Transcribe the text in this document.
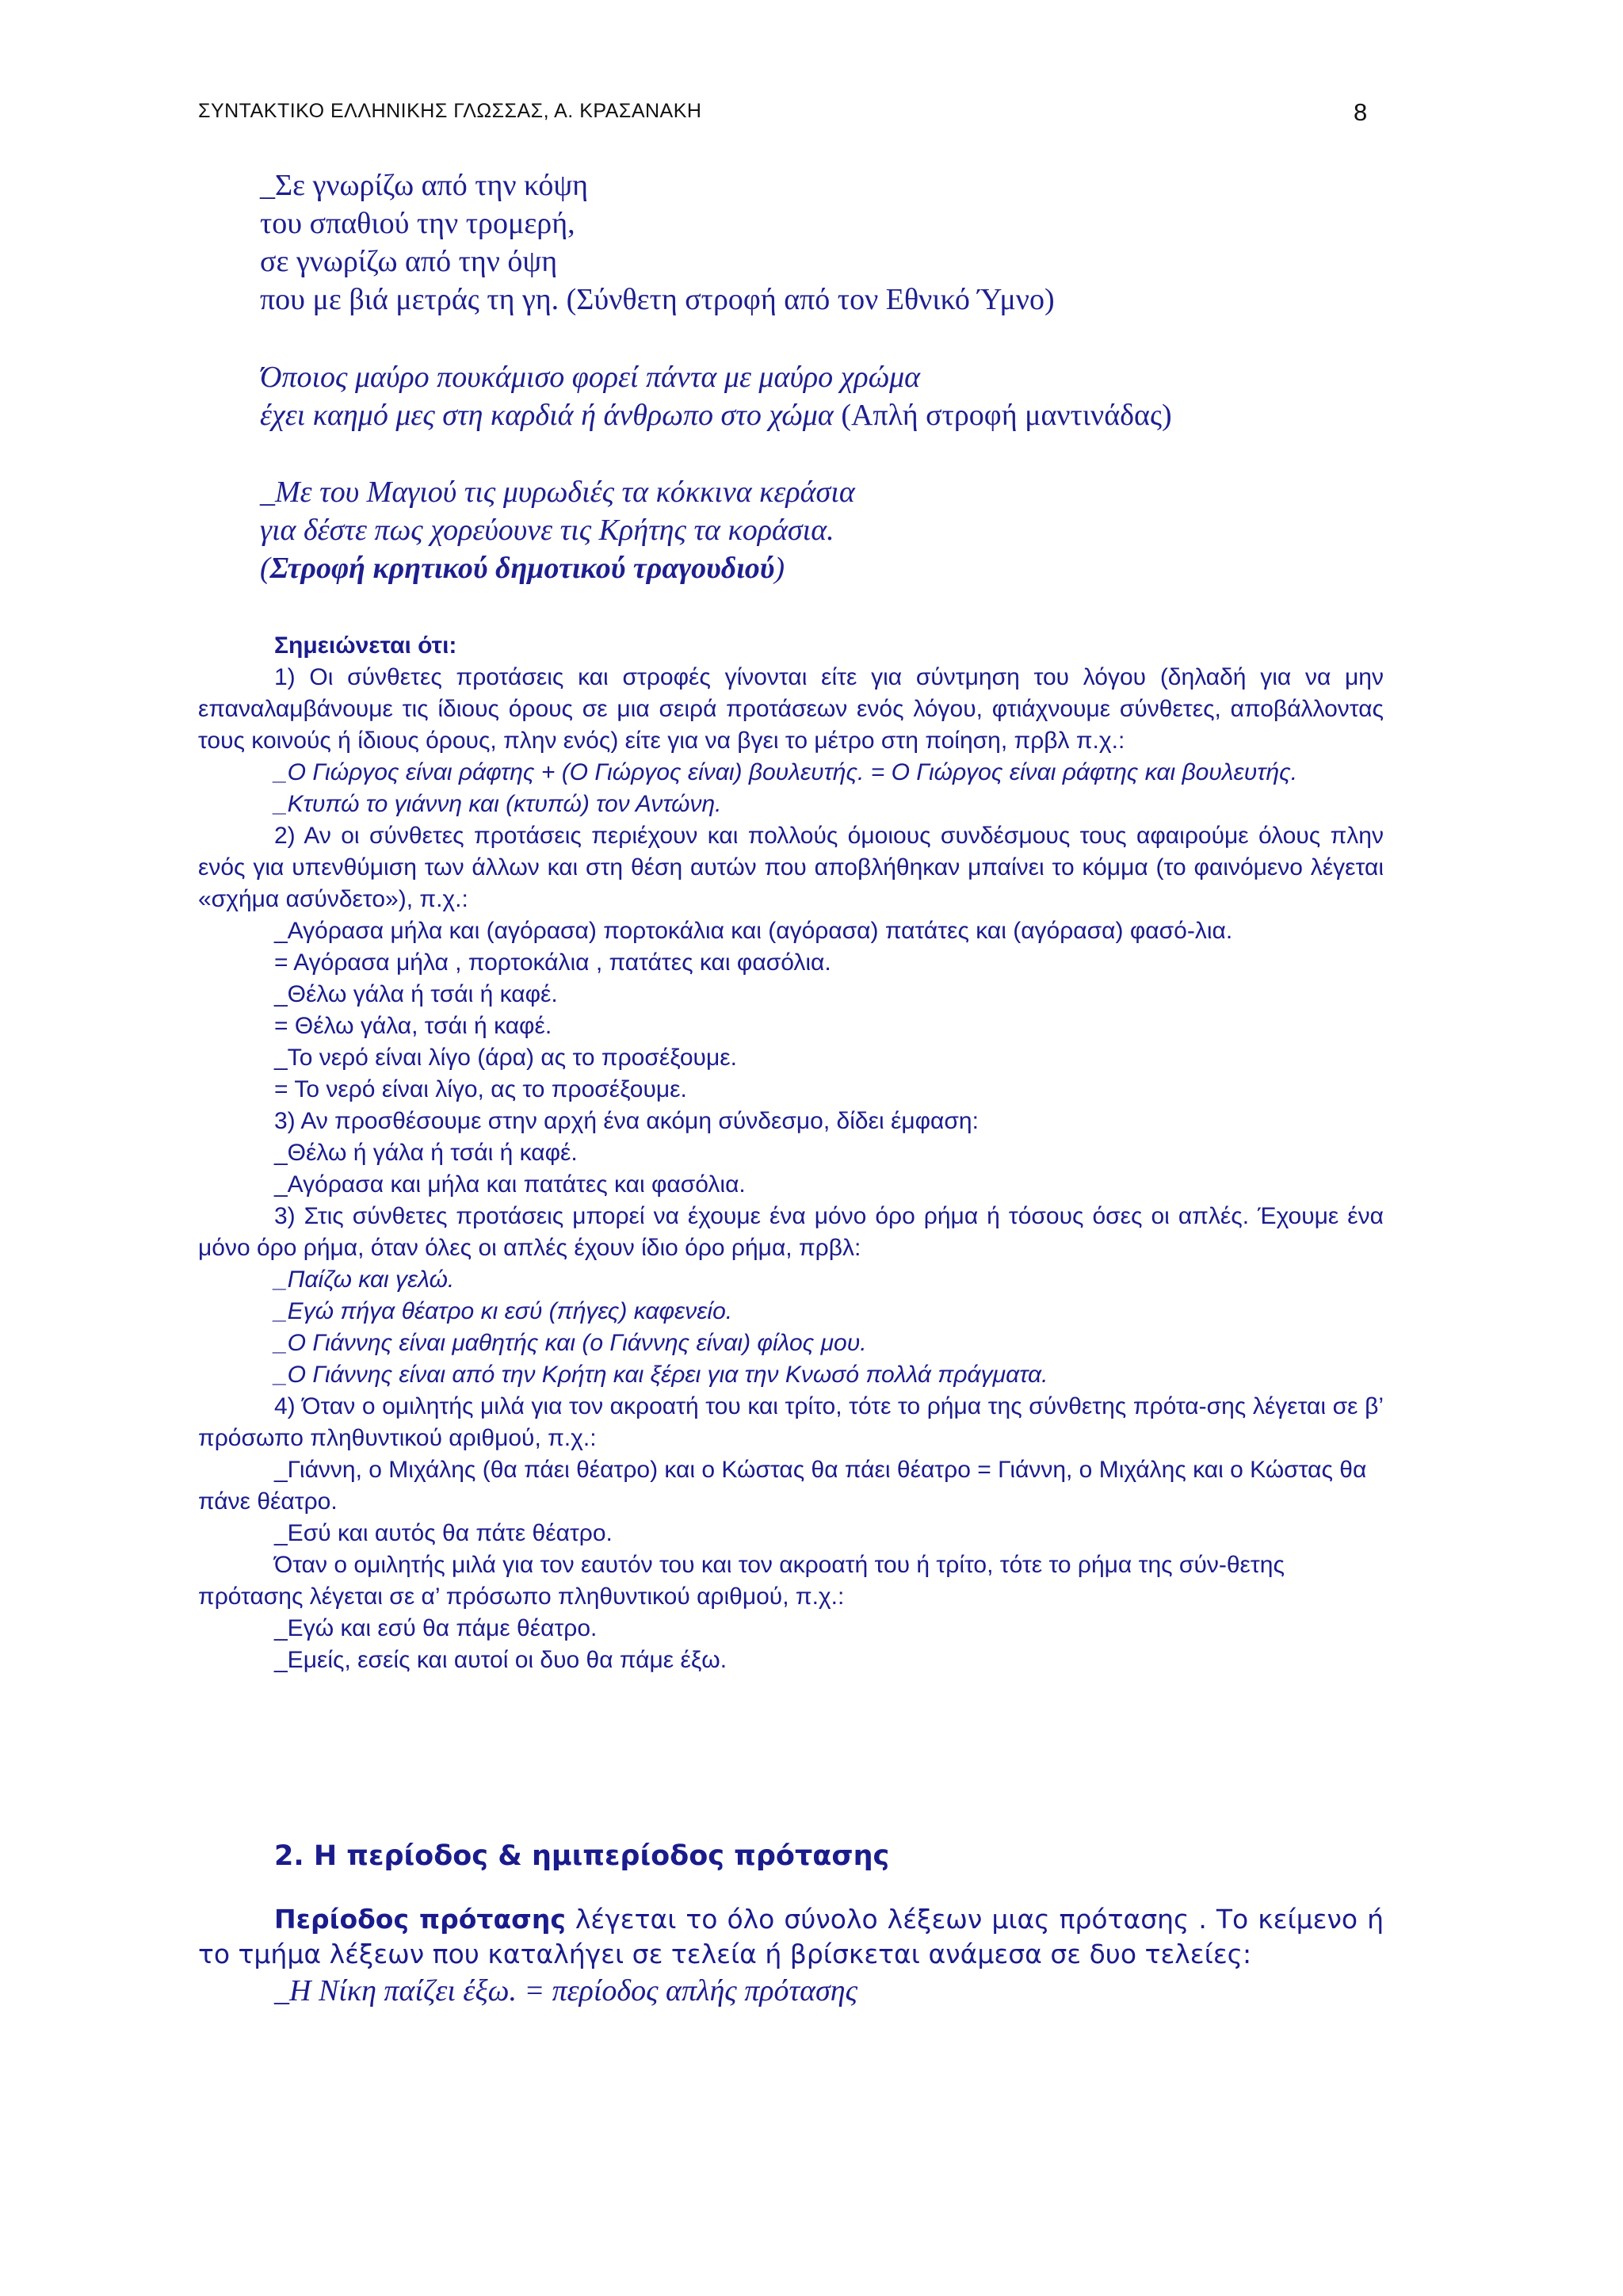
ΣΥΝΤΑΚΤΙΚΟ ΕΛΛΗΝΙΚΗΣ ΓΛΩΣΣΑΣ, Α. ΚΡΑΣΑΝΑΚΗ	8
_Σε γνωρίζω από την κόψη
του σπαθιού την τρομερή,
σε γνωρίζω από την όψη
που με βιά μετράς τη γη. (Σύνθετη στροφή από τον Εθνικό Ύμνο)
Όποιος μαύρο πουκάμισο φορεί πάντα με μαύρο χρώμα
έχει καημό μες στη καρδιά ή άνθρωπο στο χώμα (Απλή στροφή μαντινάδας)
_Με του Μαγιού τις μυρωδιές τα κόκκινα κεράσια
για δέστε πως χορεύουνε τις Κρήτης τα κοράσια.
(Στροφή κρητικού δημοτικού τραγουδιού)

Σημειώνεται ότι:

1) Οι σύνθετες προτάσεις και στροφές γίνονται είτε για σύντμηση του λόγου (δηλαδή για να μην επαναλαμβάνουμε τις ίδιους όρους σε μια σειρά προτάσεων ενός λόγου, φτιάχνουμε σύνθετες, αποβάλλοντας τους κοινούς ή ίδιους όρους, πλην ενός) είτε για να βγει το μέτρο στη ποίηση, πρβλ π.χ.:

_Ο Γιώργος είναι ράφτης + (Ο Γιώργος είναι) βουλευτής. = Ο Γιώργος είναι ράφτης και βουλευτής.

_Κτυπώ το γιάννη και (κτυπώ) τον Αντώνη.

2) Αν οι σύνθετες προτάσεις περιέχουν και πολλούς όμοιους συνδέσμους τους αφαιρούμε όλους πλην ενός για υπενθύμιση των άλλων και στη θέση αυτών που αποβλήθηκαν μπαίνει το κόμμα (το φαινόμενο λέγεται «σχήμα ασύνδετο»), π.χ.:

_Αγόρασα μήλα και (αγόρασα) πορτοκάλια και (αγόρασα) πατάτες και (αγόρασα) φασό-λια.

= Αγόρασα μήλα , πορτοκάλια , πατάτες και φασόλια.

_Θέλω γάλα ή τσάι ή καφέ.

= Θέλω γάλα, τσάι ή καφέ.

_Το νερό είναι λίγο (άρα) ας το προσέξουμε.

= Το νερό είναι λίγο, ας το προσέξουμε.

3) Αν προσθέσουμε στην αρχή ένα ακόμη σύνδεσμο, δίδει έμφαση:

_Θέλω ή γάλα ή τσάι ή καφέ.

_Αγόρασα και μήλα και πατάτες και φασόλια.

3) Στις σύνθετες προτάσεις μπορεί να έχουμε ένα μόνο όρο ρήμα ή τόσους όσες οι απλές. Έχουμε ένα μόνο όρο ρήμα, όταν όλες οι απλές έχουν ίδιο όρο ρήμα, πρβλ:

_Παίζω και γελώ.

_Εγώ πήγα θέατρο κι εσύ (πήγες) καφενείο.

_Ο Γιάννης είναι μαθητής και (ο Γιάννης είναι) φίλος μου.

_Ο Γιάννης είναι από την Κρήτη και ξέρει για την Κνωσό πολλά πράγματα.

4) Όταν ο ομιλητής μιλά για τον ακροατή του και τρίτο, τότε το ρήμα της σύνθετης πρότα-σης λέγεται σε β’ πρόσωπο πληθυντικού αριθμού, π.χ.:

_Γιάννη, ο Μιχάλης (θα πάει θέατρο) και ο Κώστας θα πάει θέατρο = Γιάννη, ο Μιχάλης και ο Κώστας θα πάνε θέατρο.

_Εσύ και αυτός θα πάτε θέατρο.

Όταν ο ομιλητής μιλά για τον εαυτόν του και τον ακροατή του ή τρίτο, τότε το ρήμα της σύν-θετης πρότασης λέγεται σε α’ πρόσωπο πληθυντικού αριθμού, π.χ.:

_Εγώ και εσύ θα πάμε θέατρο.

_Εμείς, εσείς και αυτοί οι δυο θα πάμε έξω.

2. Η περίοδος & ημιπερίοδος πρότασης

Περίοδος πρότασης λέγεται το όλο σύνολο λέξεων μιας πρότασης . Το κείμενο ή το τμήμα λέξεων που καταλήγει σε τελεία ή βρίσκεται ανάμεσα σε δυο τελείες:

_Η Νίκη παίζει έξω. = περίοδος απλής πρότασης
